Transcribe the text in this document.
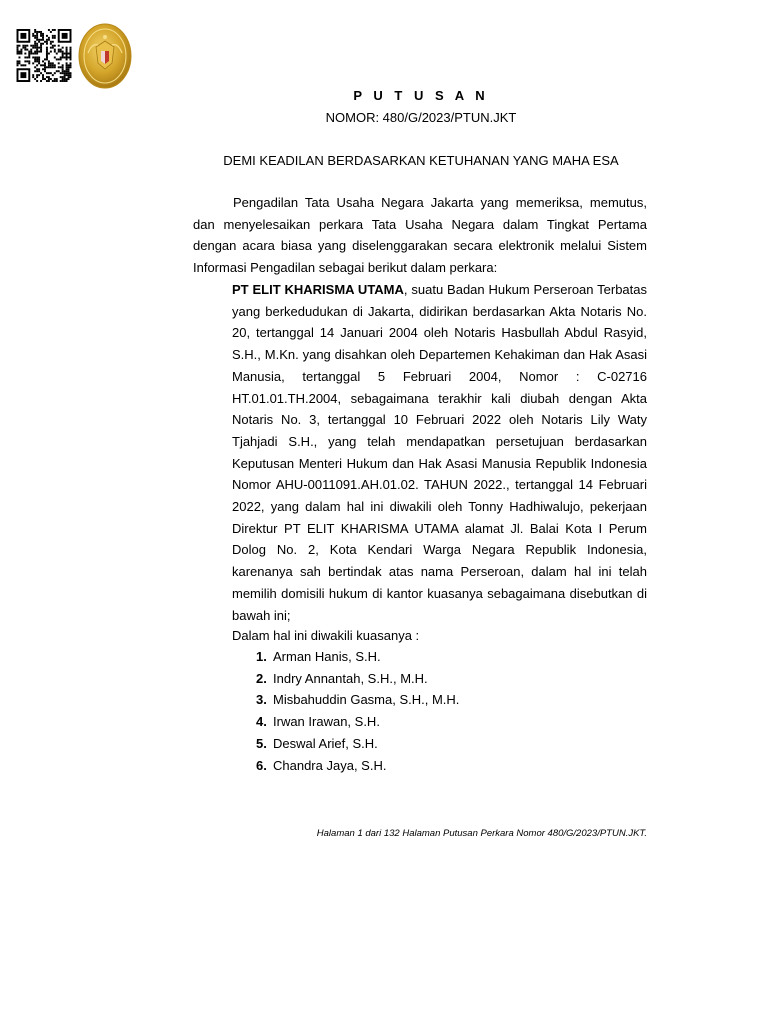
P U T U S A N
NOMOR: 480/G/2023/PTUN.JKT
DEMI KEADILAN BERDASARKAN KETUHANAN YANG MAHA ESA

Pengadilan Tata Usaha Negara Jakarta yang memeriksa, memutus, dan menyelesaikan perkara Tata Usaha Negara dalam Tingkat Pertama dengan acara biasa yang diselenggarakan secara elektronik melalui Sistem Informasi Pengadilan sebagai berikut dalam perkara:

PT ELIT KHARISMA UTAMA, suatu Badan Hukum Perseroan Terbatas yang berkedudukan di Jakarta, didirikan berdasarkan Akta Notaris No. 20, tertanggal 14 Januari 2004 oleh Notaris Hasbullah Abdul Rasyid, S.H., M.Kn. yang disahkan oleh Departemen Kehakiman dan Hak Asasi Manusia, tertanggal 5 Februari 2004, Nomor : C-02716 HT.01.01.TH.2004, sebagaimana terakhir kali diubah dengan Akta Notaris No. 3, tertanggal 10 Februari 2022 oleh Notaris Lily Waty Tjahjadi S.H., yang telah mendapatkan persetujuan berdasarkan Keputusan Menteri Hukum dan Hak Asasi Manusia Republik Indonesia Nomor AHU-0011091.AH.01.02. TAHUN 2022., tertanggal 14 Februari 2022, yang dalam hal ini diwakili oleh Tonny Hadhiwalujo, pekerjaan Direktur PT ELIT KHARISMA UTAMA alamat Jl. Balai Kota I Perum Dolog No. 2, Kota Kendari Warga Negara Republik Indonesia, karenanya sah bertindak atas nama Perseroan, dalam hal ini telah memilih domisili hukum di kantor kuasanya sebagaimana disebutkan di bawah ini;

Dalam hal ini diwakili kuasanya :
1. Arman Hanis, S.H.
2. Indry Annantah, S.H., M.H.
3. Misbahuddin Gasma, S.H., M.H.
4. Irwan Irawan, S.H.
5. Deswal Arief, S.H.
6. Chandra Jaya, S.H.
Halaman 1 dari 132 Halaman Putusan Perkara Nomor 480/G/2023/PTUN.JKT.
